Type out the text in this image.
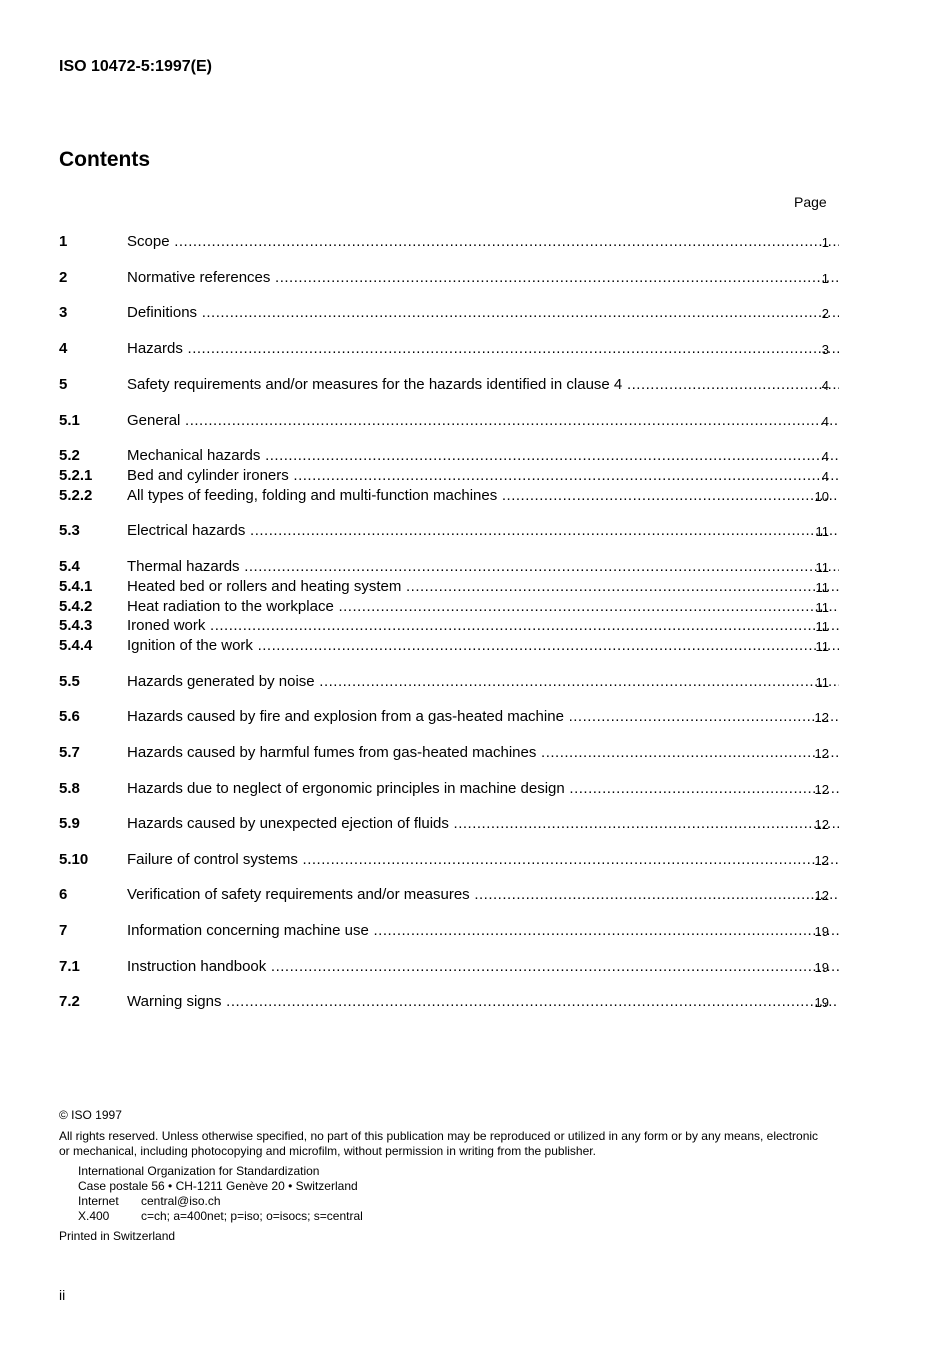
ISO 10472-5:1997(E)
Contents
Page
1	Scope .....	1
2	Normative references .....	1
3	Definitions .....	2
4	Hazards .....	3
5	Safety requirements and/or measures for the hazards identified in clause 4 .....	4
5.1	General .....	4
5.2	Mechanical hazards .....	4
5.2.1 Bed and cylinder ironers .....	4
5.2.2 All types of feeding, folding and multi-function machines .....	10
5.3	Electrical hazards .....	11
5.4	Thermal hazards .....	11
5.4.1 Heated bed or rollers and heating system .....	11
5.4.2 Heat radiation to the workplace .....	11
5.4.3 Ironed work .....	11
5.4.4 Ignition of the work .....	11
5.5	Hazards generated by noise .....	11
5.6	Hazards caused by fire and explosion from a gas-heated machine .....	12
5.7	Hazards caused by harmful fumes from gas-heated machines .....	12
5.8	Hazards due to neglect of ergonomic principles in machine design .....	12
5.9	Hazards caused by unexpected ejection of fluids .....	12
5.10	Failure of control systems .....	12
6	Verification of safety requirements and/or measures .....	12
7	Information concerning machine use .....	19
7.1	Instruction handbook .....	19
7.2	Warning signs .....	19
© ISO 1997
All rights reserved. Unless otherwise specified, no part of this publication may be reproduced or utilized in any form or by any means, electronic
or mechanical, including photocopying and microfilm, without permission in writing from the publisher.
International Organization for Standardization
Case postale 56 • CH-1211 Genève 20 • Switzerland
Internet central@iso.ch
X.400	c=ch; a=400net; p=iso; o=isocs; s=central
Printed in Switzerland
ii
